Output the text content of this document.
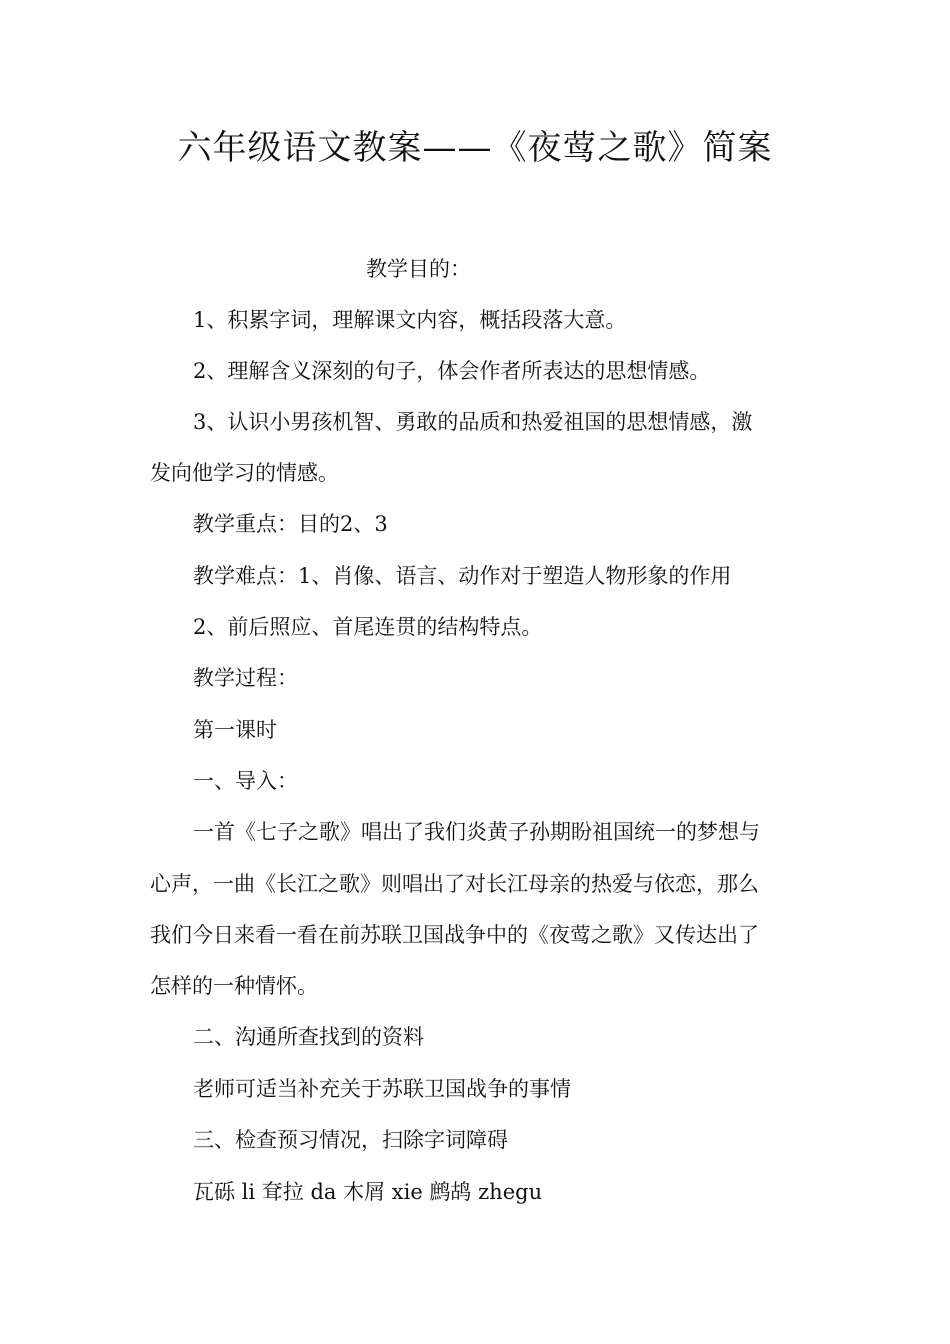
六年级语文教案——《夜莺之歌》简案
教学目的：
1、积累字词，理解课文内容，概括段落大意。
2、理解含义深刻的句子，体会作者所表达的思想情感。
3、认识小男孩机智、勇敢的品质和热爱祖国的思想情感，激
发向他学习的情感。
教学重点：目的2、3
教学难点：1、肖像、语言、动作对于塑造人物形象的作用
2、前后照应、首尾连贯的结构特点。
教学过程：
第一课时
一、导入：
一首《七子之歌》唱出了我们炎黄子孙期盼祖国统一的梦想与
心声，一曲《长江之歌》则唱出了对长江母亲的热爱与依恋，那么
我们今日来看一看在前苏联卫国战争中的《夜莺之歌》又传达出了
怎样的一种情怀。
二、沟通所查找到的资料
老师可适当补充关于苏联卫国战争的事情
三、检查预习情况，扫除字词障碍
瓦砾 li 耷拉 da 木屑 xie 鹧鸪 zhegu
